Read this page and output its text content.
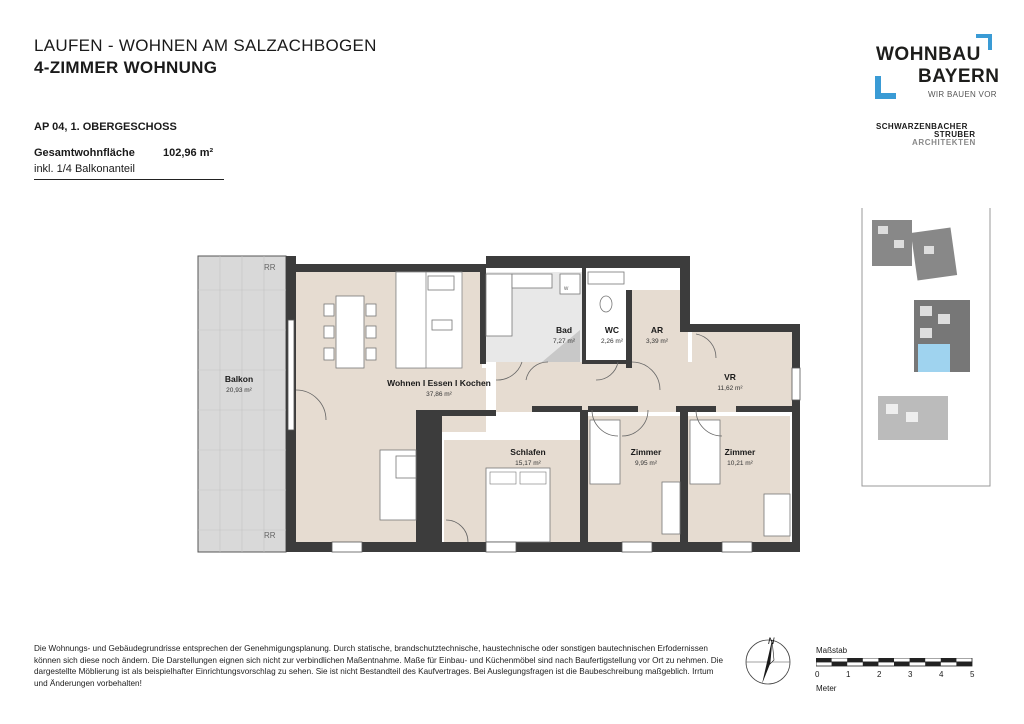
LAUFEN - WOHNEN AM SALZACHBOGEN
4-ZIMMER WOHNUNG
AP 04, 1. OBERGESCHOSS
Gesamtwohnfläche	102,96 m²
inkl. 1/4 Balkonanteil
WOHNBAU
BAYERN
WIR BAUEN VOR
SCHWARZENBACHER
STRUBER
ARCHITEKTEN
RR
RR
w
Balkon	Wohnen I Essen I Kochen
Bad	WC	AR
VR
Schlafen	Zimmer	Zimmer
20,93 m²
37,86 m²
7,27 m²	2,26 m²	3,39 m²
11,62 m²
15,17 m²	9,95 m²	10,21 m²
Die Wohnungs- und Gebäudegrundrisse entsprechen der Genehmigungsplanung. Durch statische, brandschutztechnische, haustechnische oder sonstigen bautechnischen Erfodernissen können sich diese noch ändern. Die Darstellungen eignen sich nicht zur verbindlichen Maßentnahme. Maße für Einbau- und Küchenmöbel sind nach Baufertigstellung vor Ort zu nehmen. Die dargestellte Möblierung ist als beispielhafter Einrichtungsvorschlag zu sehen. Sie ist nicht Bestandteil des Kaufvertrages. Bei Auslegungsfragen ist die Baubeschreibung maßgeblich. Irrtum und Änderungen vorbehalten!
N
Maßstab
0	1	2	3	4	5
Meter
